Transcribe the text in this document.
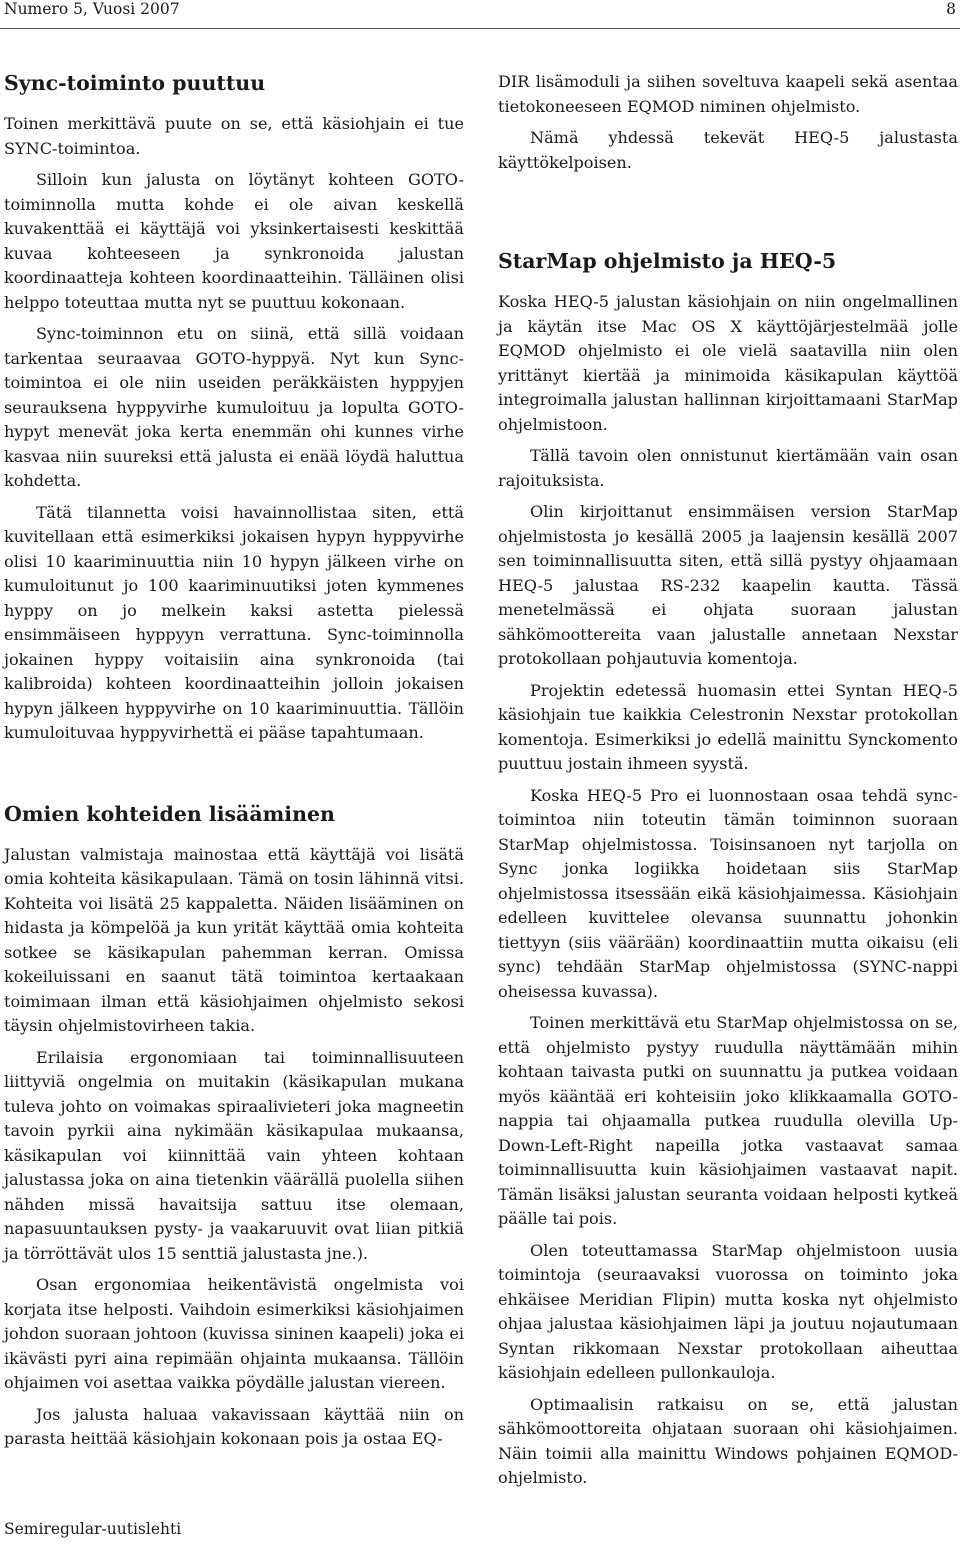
Numero 5, Vuosi 2007	8
Sync-toiminto puuttuu

Toinen merkittävä puute on se, että käsiohjain ei tue SYNC-toimintoa.

Silloin kun jalusta on löytänyt kohteen GOTO-toiminnolla mutta kohde ei ole aivan keskellä kuvakenttää ei käyttäjä voi yksinkertaisesti keskittää kuvaa kohteeseen ja synkronoida jalustan koordinaatteja kohteen koordinaatteihin. Tälläinen olisi helppo toteuttaa mutta nyt se puuttuu kokonaan.

Sync-toiminnon etu on siinä, että sillä voidaan tarkentaa seuraavaa GOTO-hyppyä. Nyt kun Sync-toimintoa ei ole niin useiden peräkkäisten hyppyjen seurauksena hyppyvirhe kumuloituu ja lopulta GOTO-hypyt menevät joka kerta enemmän ohi kunnes virhe kasvaa niin suureksi että jalusta ei enää löydä haluttua kohdetta.

Tätä tilannetta voisi havainnollistaa siten, että kuvitellaan että esimerkiksi jokaisen hypyn hyppyvirhe olisi 10 kaariminuuttia niin 10 hypyn jälkeen virhe on kumuloitunut jo 100 kaariminuutiksi joten kymmenes hyppy on jo melkein kaksi astetta pielessä ensimmäiseen hyppyyn verrattuna. Sync-toiminnolla jokainen hyppy voitaisiin aina synkronoida (tai kalibroida) kohteen koordinaatteihin jolloin jokaisen hypyn jälkeen hyppyvirhe on 10 kaariminuuttia. Tällöin kumuloituvaa hyppyvirhettä ei pääse tapahtumaan.

Omien kohteiden lisääminen

Jalustan valmistaja mainostaa että käyttäjä voi lisätä omia kohteita käsikapulaan. Tämä on tosin lähinnä vitsi. Kohteita voi lisätä 25 kappaletta. Näiden lisääminen on hidasta ja kömpelöä ja kun yrität käyttää omia kohteita sotkee se käsikapulan pahemman kerran. Omissa kokeiluissani en saanut tätä toimintoa kertaakaan toimimaan ilman että käsiohjaimen ohjelmisto sekosi täysin ohjelmistovirheen takia.

Erilaisia ergonomiaan tai toiminnallisuuteen liittyviä ongelmia on muitakin (käsikapulan mukana tuleva johto on voimakas spiraalivieteri joka magneetin tavoin pyrkii aina nykimään käsikapulaa mukaansa, käsikapulan voi kiinnittää vain yhteen kohtaan jalustassa joka on aina tietenkin väärällä puolella siihen nähden missä havaitsija sattuu itse olemaan, napasuuntauksen pysty- ja vaakaruuvit ovat liian pitkiä ja törröttävät ulos 15 senttiä jalustasta jne.).

Osan ergonomiaa heikentävistä ongelmista voi korjata itse helposti. Vaihdoin esimerkiksi käsiohjaimen johdon suoraan johtoon (kuvissa sininen kaapeli) joka ei ikävästi pyri aina repimään ohjainta mukaansa. Tällöin ohjaimen voi asettaa vaikka pöydälle jalustan viereen.

Jos jalusta haluaa vakavissaan käyttää niin on parasta heittää käsiohjain kokonaan pois ja ostaa EQ-

DIR lisämoduli ja siihen soveltuva kaapeli sekä asentaa tietokoneeseen EQMOD niminen ohjelmisto.

Nämä yhdessä tekevät HEQ-5 jalustasta käyttökelpoisen.

StarMap ohjelmisto ja HEQ-5

Koska HEQ-5 jalustan käsiohjain on niin ongelmallinen ja käytän itse Mac OS X käyttöjärjestelmää jolle EQMOD ohjelmisto ei ole vielä saatavilla niin olen yrittänyt kiertää ja minimoida käsikapulan käyttöä integroimalla jalustan hallinnan kirjoittamaani StarMap ohjelmistoon.

Tällä tavoin olen onnistunut kiertämään vain osan rajoituksista.

Olin kirjoittanut ensimmäisen version StarMap ohjelmistosta jo kesällä 2005 ja laajensin kesällä 2007 sen toiminnallisuutta siten, että sillä pystyy ohjaamaan HEQ-5 jalustaa RS-232 kaapelin kautta. Tässä menetelmässä ei ohjata suoraan jalustan sähkömoottereita vaan jalustalle annetaan Nexstar protokollaan pohjautuvia komentoja.

Projektin edetessä huomasin ettei Syntan HEQ-5 käsiohjain tue kaikkia Celestronin Nexstar protokollan komentoja. Esimerkiksi jo edellä mainittu Synckomento puuttuu jostain ihmeen syystä.

Koska HEQ-5 Pro ei luonnostaan osaa tehdä sync-toimintoa niin toteutin tämän toiminnon suoraan StarMap ohjelmistossa. Toisinsanoen nyt tarjolla on Sync jonka logiikka hoidetaan siis StarMap ohjelmistossa itsessään eikä käsiohjaimessa. Käsiohjain edelleen kuvittelee olevansa suunnattu johonkin tiettyyn (siis väärään) koordinaattiin mutta oikaisu (eli sync) tehdään StarMap ohjelmistossa (SYNC-nappi oheisessa kuvassa).

Toinen merkittävä etu StarMap ohjelmistossa on se, että ohjelmisto pystyy ruudulla näyttämään mihin kohtaan taivasta putki on suunnattu ja putkea voidaan myös kääntää eri kohteisiin joko klikkaamalla GOTO-nappia tai ohjaamalla putkea ruudulla olevilla Up-Down-Left-Right napeilla jotka vastaavat samaa toiminnallisuutta kuin käsiohjaimen vastaavat napit. Tämän lisäksi jalustan seuranta voidaan helposti kytkeä päälle tai pois.

Olen toteuttamassa StarMap ohjelmistoon uusia toimintoja (seuraavaksi vuorossa on toiminto joka ehkäisee Meridian Flipin) mutta koska nyt ohjelmisto ohjaa jalustaa käsiohjaimen läpi ja joutuu nojautumaan Syntan rikkomaan Nexstar protokollaan aiheuttaa käsiohjain edelleen pullonkauloja.

Optimaalisin ratkaisu on se, että jalustan sähkömoottoreita ohjataan suoraan ohi käsiohjaimen. Näin toimii alla mainittu Windows pohjainen EQMOD-ohjelmisto.

Semiregular-uutislehti
